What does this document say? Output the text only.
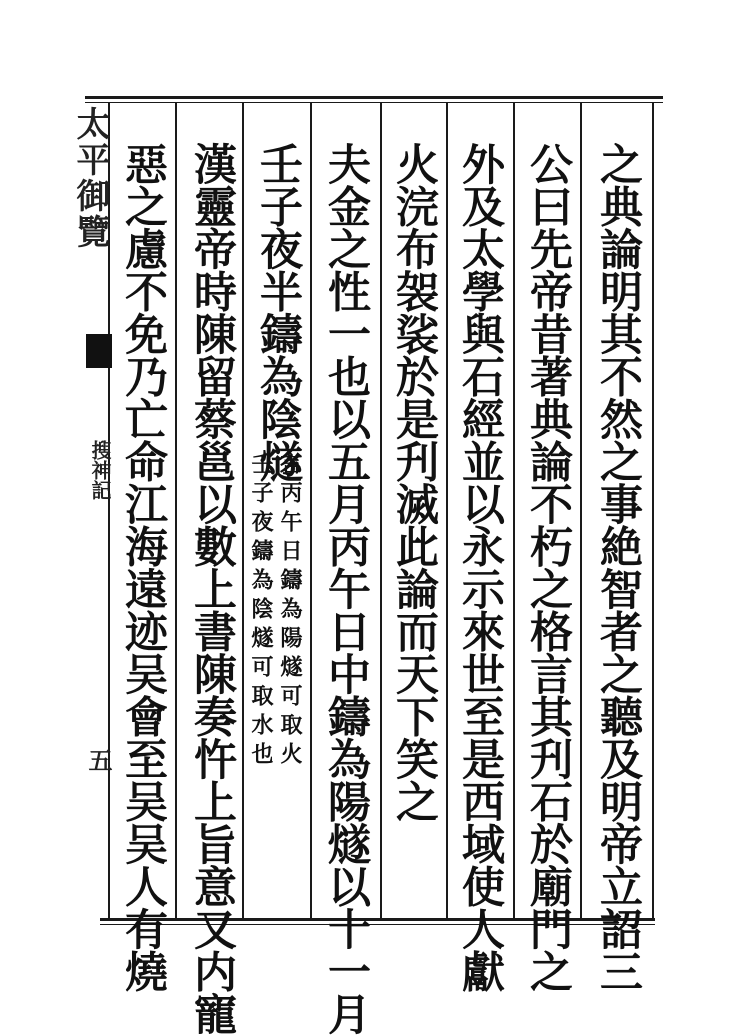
太平御覽
搜神記
五	之典論明其不然之事絶智者之聽及明帝立詔三
公曰先帝昔著典論不朽之格言其刋石於廟門之
外及太學與石經並以永示來世至是西域使人獻
火浣布袈裟於是刋滅此論而天下笑之
夫金之性一也以五月丙午日中鑄為陽燧以十一月
壬子夜半鑄為陰燧
言丙午日鑄為陽燧可取火
壬子夜鑄為陰燧可取水也
漢靈帝時陳留蔡邕以數上書陳奏忤上旨意又内寵
惡之慮不免乃亡命江海遠迹吴會至吴吴人有燒
